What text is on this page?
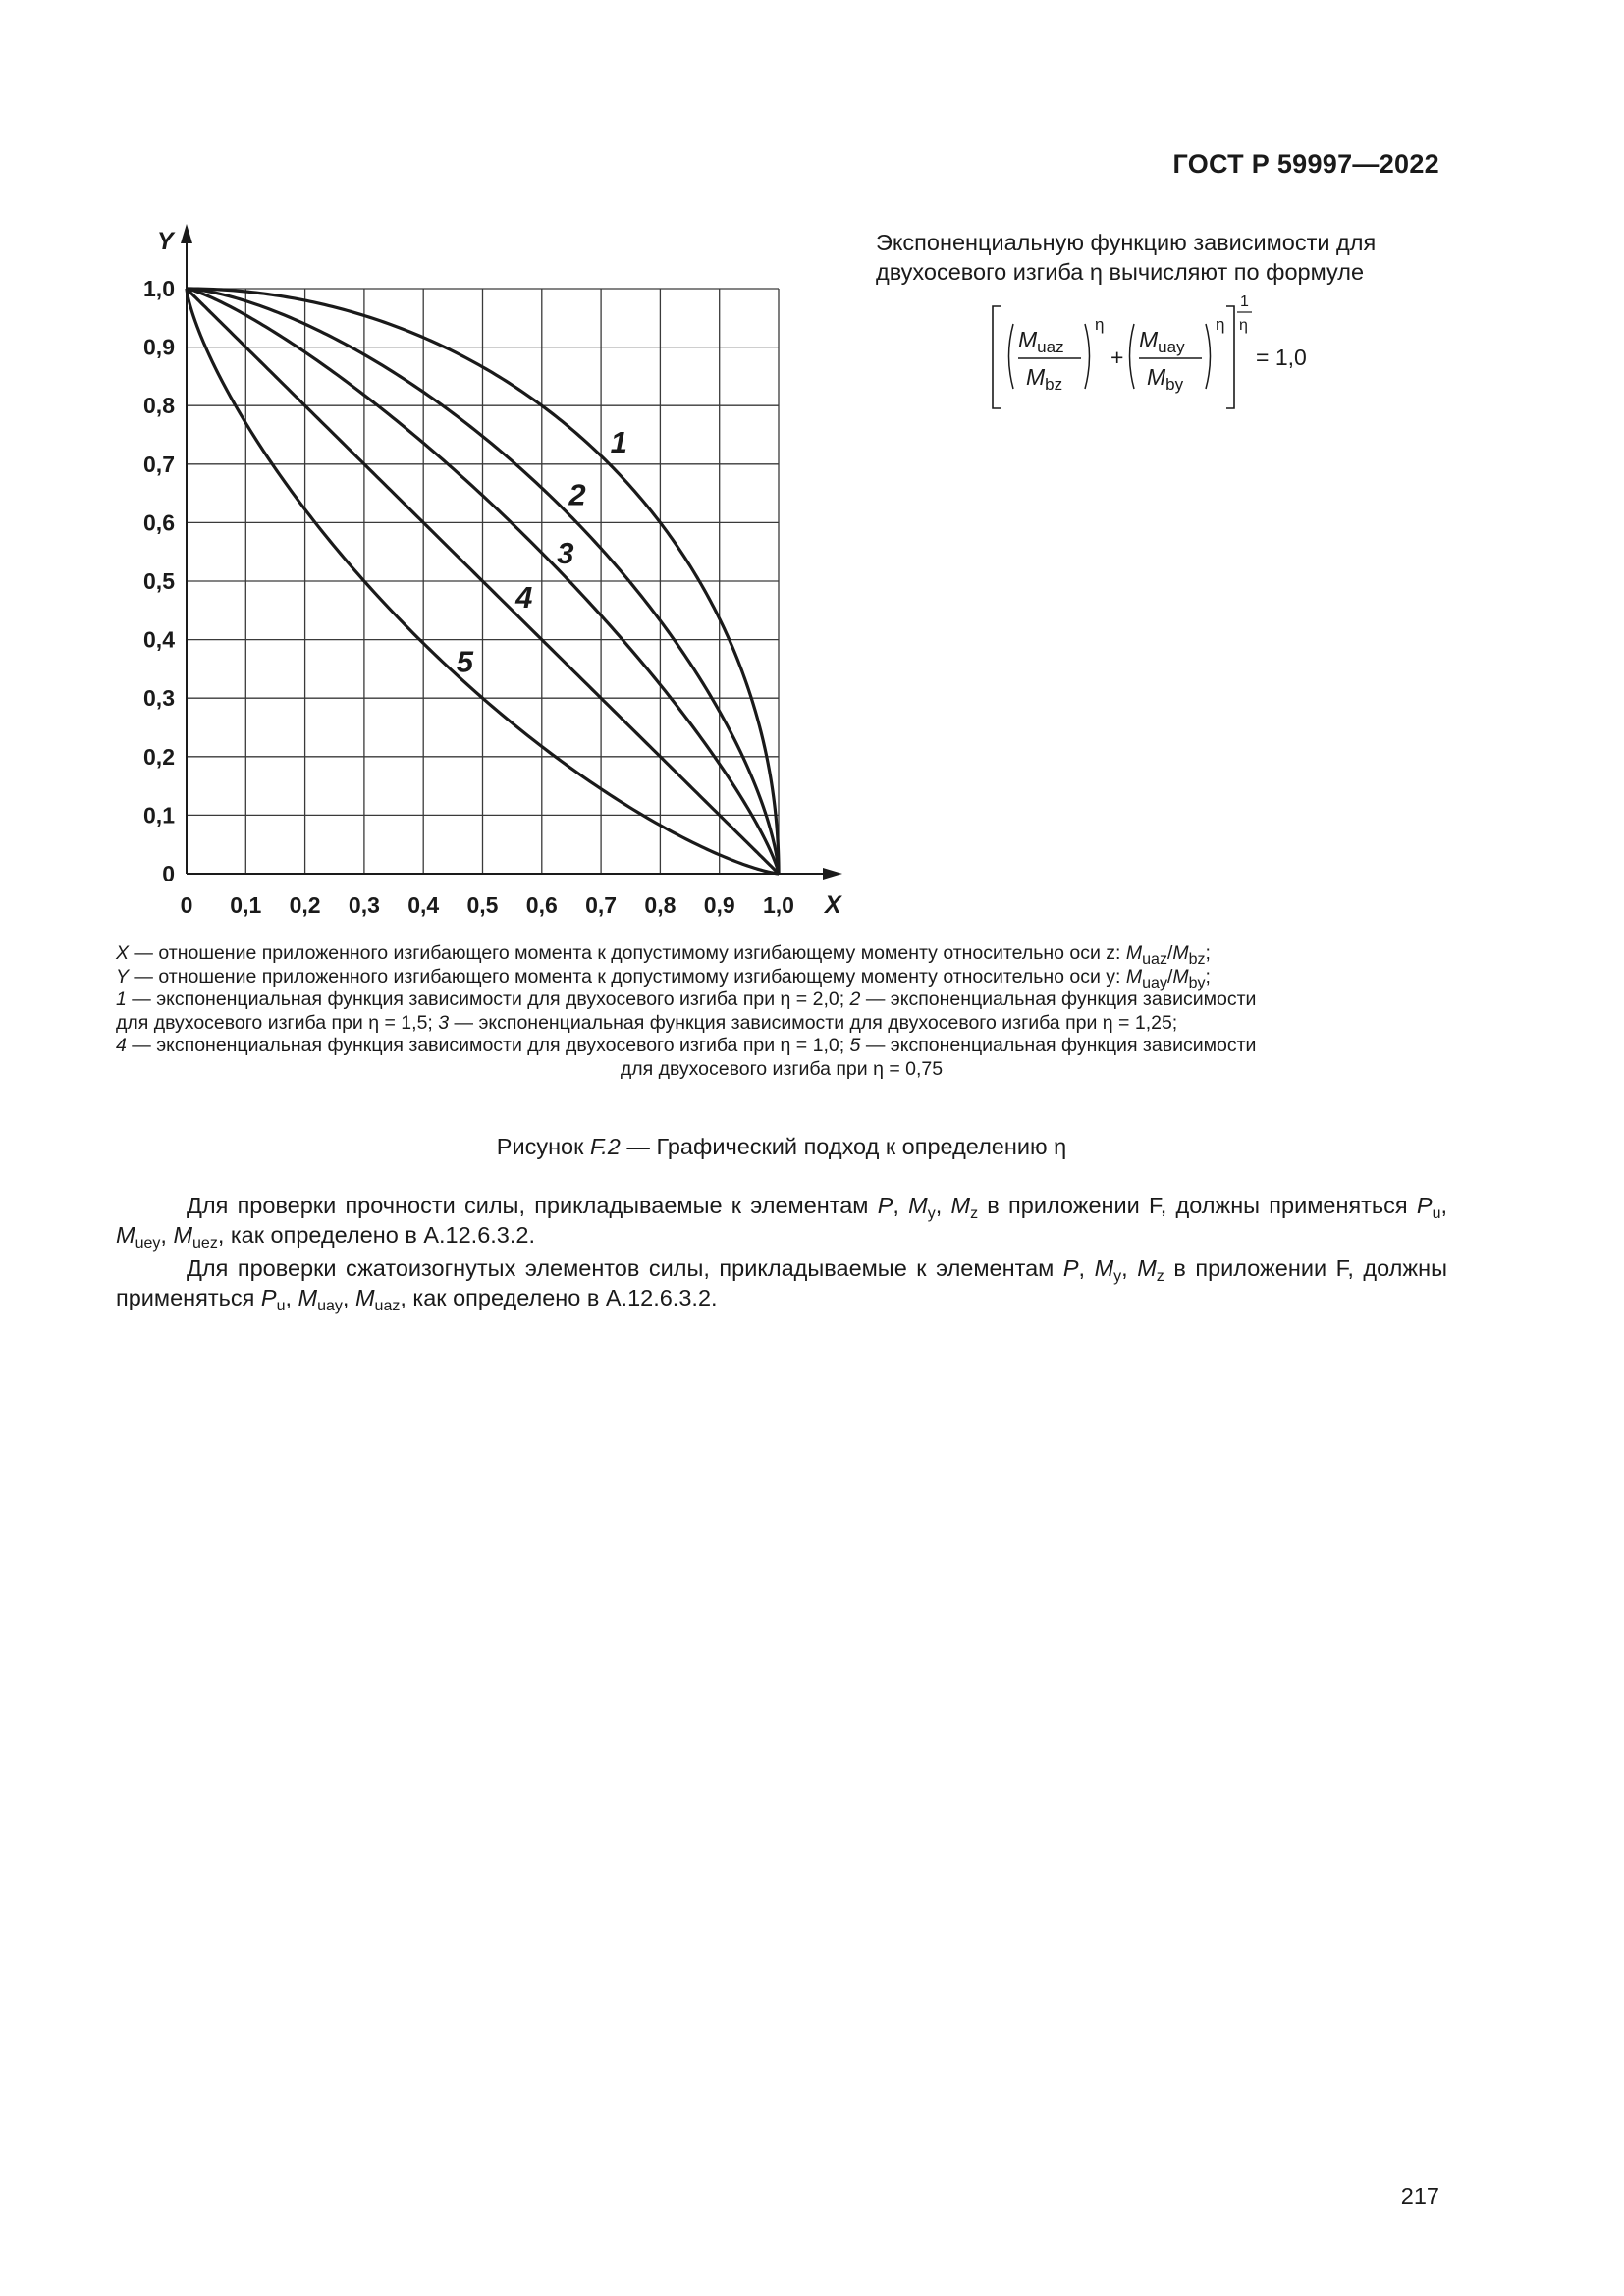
ГОСТ Р 59997—2022
0 0,1 0,2 0,3 0,4 0,5 0,6 0,7 0,8 0,9 1,0
0
0,1
0,2
0,3
0,4
0,5
0,6
0,7
0,8
0,9
1,0
X
Y
1
2
3
4
5
Экспоненциальную функцию зависимости для двухосевого изгиба η вычисляют по формуле
$M_{uaz}$
$M_{bz}$
η
+
$M_{uay}$
$M_{by}$
η
1
η
= 1,0
X — отношение приложенного изгибающего момента к допустимому изгибающему моменту относительно оси z: $M_{uaz}/M_{bz}$;
Y — отношение приложенного изгибающего момента к допустимому изгибающему моменту относительно оси y: $M_{uay}/M_{by}$;
1 — экспоненциальная функция зависимости для двухосевого изгиба при η = 2,0; 2 — экспоненциальная функция зависимости
для двухосевого изгиба при η = 1,5; 3 — экспоненциальная функция зависимости для двухосевого изгиба при η = 1,25;
4 — экспоненциальная функция зависимости для двухосевого изгиба при η = 1,0; 5 — экспоненциальная функция зависимости
для двухосевого изгиба при η = 0,75
Рисунок F.2 — Графический подход к определению η
Для проверки прочности силы, прикладываемые к элементам P, $M_y$, $M_z$ в приложении F, должны применяться $P_u$, $M_{uey}$, $M_{uez}$, как определено в А.12.6.3.2.
Для проверки сжатоизогнутых элементов силы, прикладываемые к элементам P, $M_y$, $M_z$ в приложении F, должны применяться $P_u$, $M_{uay}$, $M_{uaz}$, как определено в А.12.6.3.2.
217
